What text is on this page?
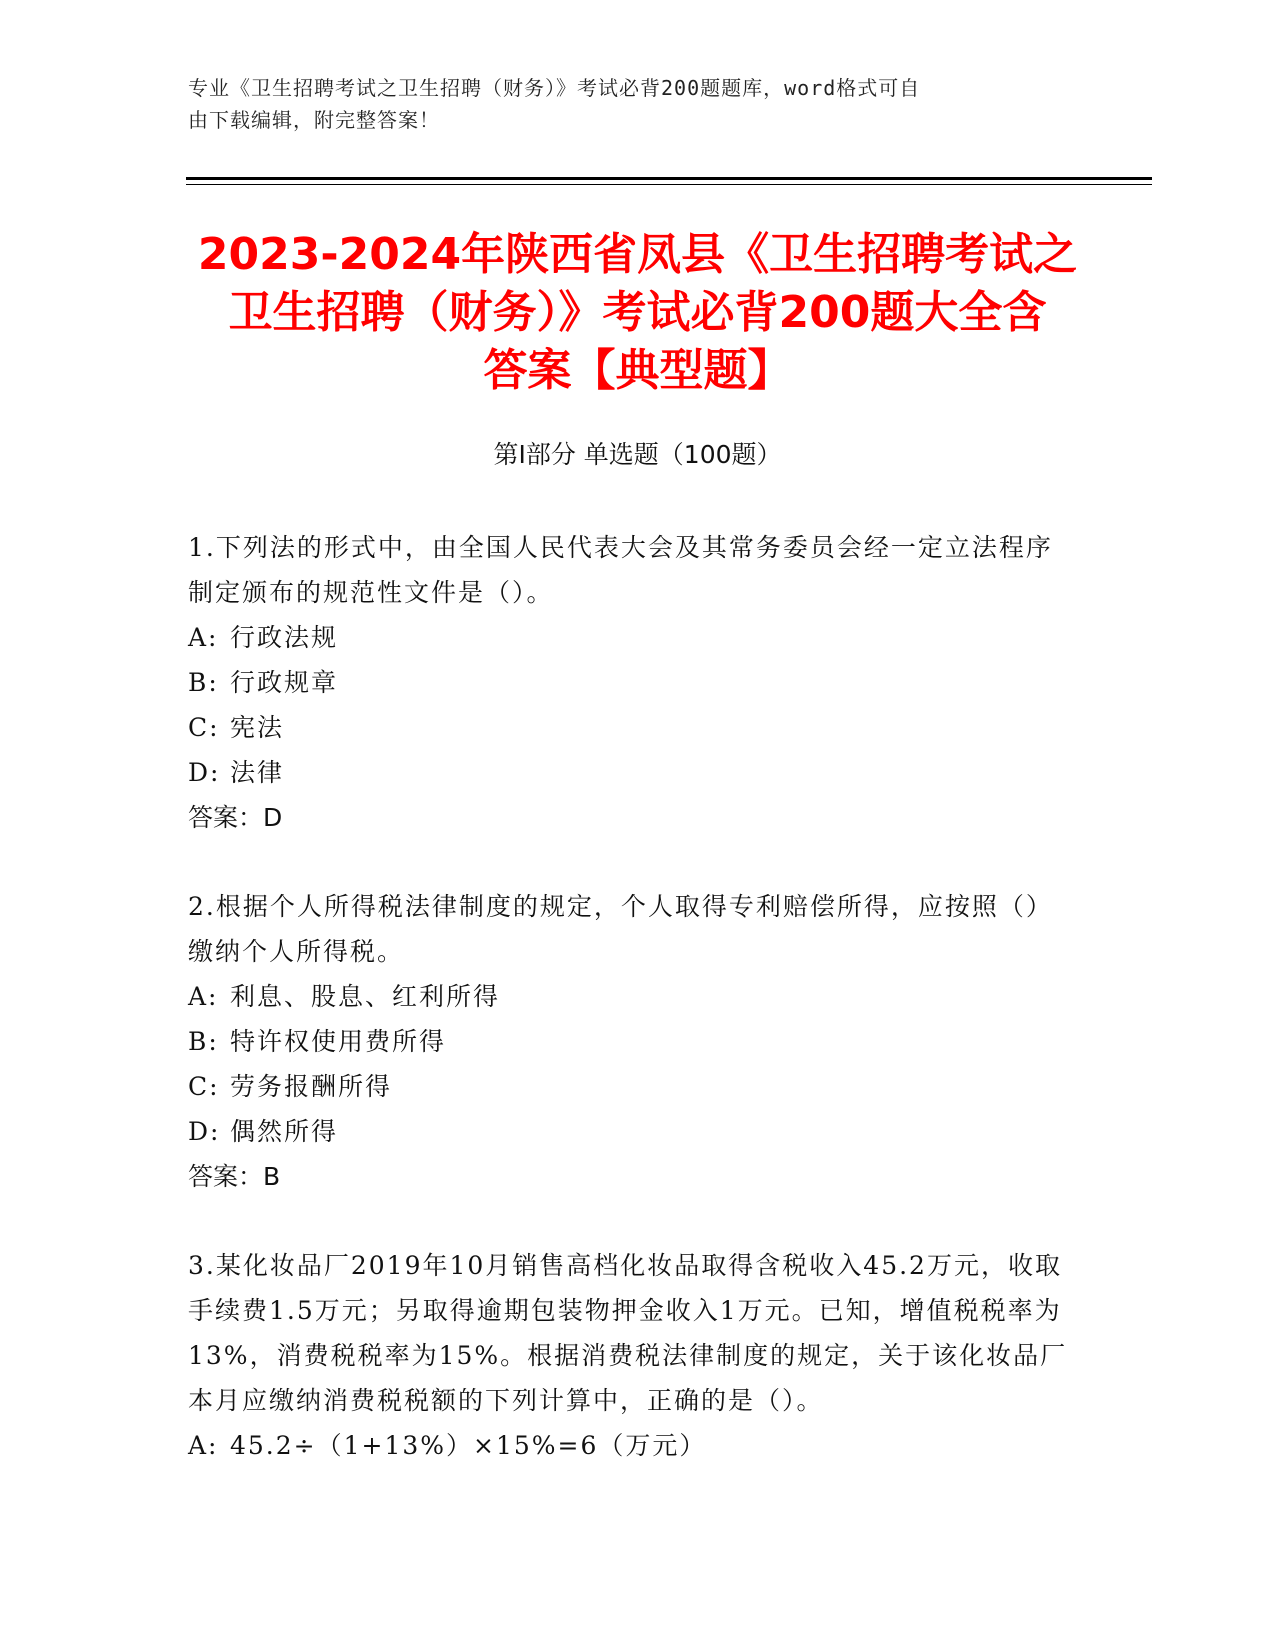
专业《卫生招聘考试之卫生招聘（财务）》考试必背200题题库，word格式可自
由下载编辑，附完整答案！
2023-2024年陕西省凤县《卫生招聘考试之
卫生招聘（财务）》考试必背200题大全含
答案【典型题】
第I部分 单选题（100题）
1.下列法的形式中，由全国人民代表大会及其常务委员会经一定立法程序制定颁布的规范性文件是（）。
A: 行政法规
B: 行政规章
C: 宪法
D: 法律
答案：D
2.根据个人所得税法律制度的规定，个人取得专利赔偿所得，应按照（）缴纳个人所得税。
A: 利息、股息、红利所得
B: 特许权使用费所得
C: 劳务报酬所得
D: 偶然所得
答案：B
3.某化妆品厂2019年10月销售高档化妆品取得含税收入45.2万元，收取手续费1.5万元；另取得逾期包装物押金收入1万元。已知，增值税税率为13%，消费税税率为15%。根据消费税法律制度的规定，关于该化妆品厂本月应缴纳消费税税额的下列计算中，正确的是（）。
A: 45.2÷（1+13%）×15%=6（万元）
